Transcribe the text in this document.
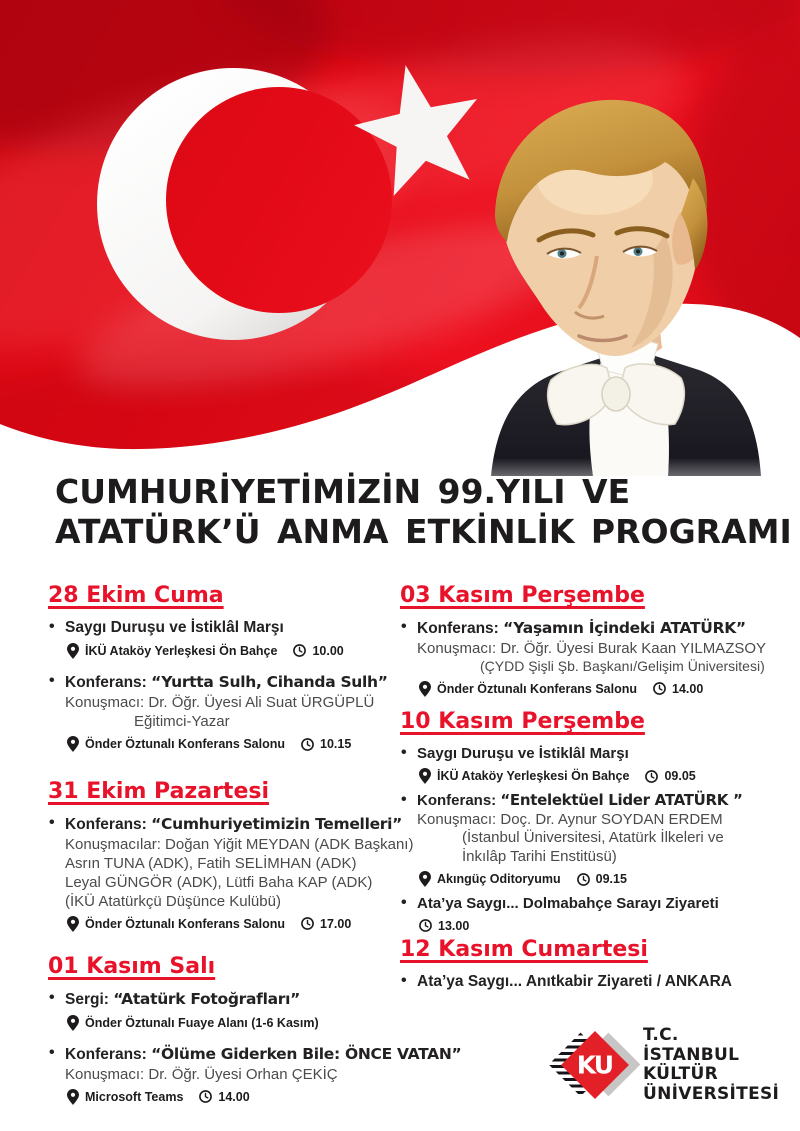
CUMHURİYETİMİZİN 99.YILI VE
ATATÜRK’Ü ANMA ETKİNLİK PROGRAMI
28 Ekim Cuma
• Saygı Duruşu ve İstiklâl Marşı
İKÜ Ataköy Yerleşkesi Ön Bahçe	10.00
• Konferans: “Yurtta Sulh, Cihanda Sulh”
Konuşmacı: Dr. Öğr. Üyesi Ali Suat ÜRGÜPLÜ
Eğitimci-Yazar
Önder Öztunalı Konferans Salonu	10.15
31 Ekim Pazartesi
• Konferans: “Cumhuriyetimizin Temelleri”
Konuşmacılar: Doğan Yiğit MEYDAN (ADK Başkanı)
Asrın TUNA (ADK), Fatih SELİMHAN (ADK)
Leyal GÜNGÖR (ADK), Lütfi Baha KAP (ADK)
(İKÜ Atatürkçü Düşünce Kulübü)
Önder Öztunalı Konferans Salonu	17.00
01 Kasım Salı
• Sergi: “Atatürk Fotoğrafları”
Önder Öztunalı Fuaye Alanı (1-6 Kasım)
• Konferans: “Ölüme Giderken Bile: ÖNCE VATAN”
Konuşmacı: Dr. Öğr. Üyesi Orhan ÇEKİÇ
Microsoft Teams	14.00
03 Kasım Perşembe
• Konferans: “Yaşamın İçindeki ATATÜRK”
Konuşmacı: Dr. Öğr. Üyesi Burak Kaan YILMAZSOY
(ÇYDD Şişli Şb. Başkanı/Gelişim Üniversitesi)
Önder Öztunalı Konferans Salonu	14.00
10 Kasım Perşembe
• Saygı Duruşu ve İstiklâl Marşı
İKÜ Ataköy Yerleşkesi Ön Bahçe	09.05
• Konferans: “Entelektüel Lider ATATÜRK ”
Konuşmacı: Doç. Dr. Aynur SOYDAN ERDEM
(İstanbul Üniversitesi, Atatürk İlkeleri ve
İnkılâp Tarihi Enstitüsü)
Akıngüç Oditoryumu	09.15
• Ata’ya Saygı... Dolmabahçe Sarayı Ziyareti
13.00
12 Kasım Cumartesi
• Ata’ya Saygı... Anıtkabir Ziyareti / ANKARA
KU
T.C.
İSTANBUL
KÜLTÜR
ÜNİVERSİTESİ
